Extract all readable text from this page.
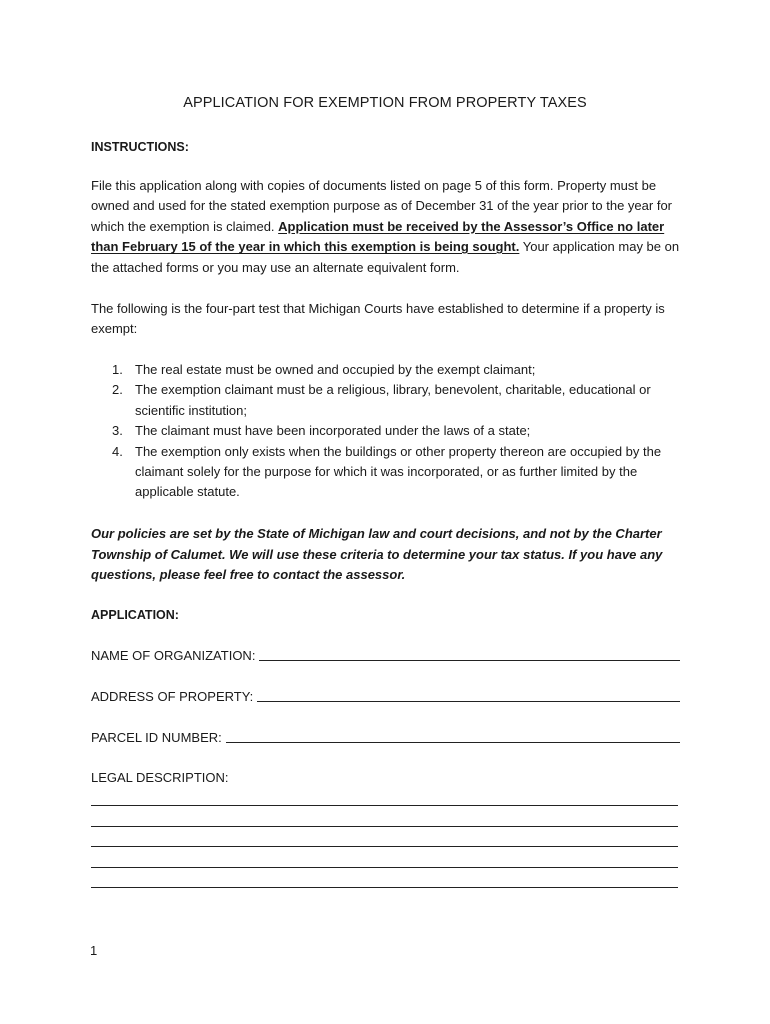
APPLICATION FOR EXEMPTION FROM PROPERTY TAXES
INSTRUCTIONS:
File this application along with copies of documents listed on page 5 of this form. Property must be owned and used for the stated exemption purpose as of December 31 of the year prior to the year for which the exemption is claimed. Application must be received by the Assessor’s Office no later than February 15 of the year in which this exemption is being sought. Your application may be on the attached forms or you may use an alternate equivalent form.
The following is the four-part test that Michigan Courts have established to determine if a property is exempt:
1. The real estate must be owned and occupied by the exempt claimant;
2. The exemption claimant must be a religious, library, benevolent, charitable, educational or scientific institution;
3. The claimant must have been incorporated under the laws of a state;
4. The exemption only exists when the buildings or other property thereon are occupied by the claimant solely for the purpose for which it was incorporated, or as further limited by the applicable statute.
Our policies are set by the State of Michigan law and court decisions, and not by the Charter Township of Calumet. We will use these criteria to determine your tax status. If you have any questions, please feel free to contact the assessor.
APPLICATION:
NAME OF ORGANIZATION:
ADDRESS OF PROPERTY:
PARCEL ID NUMBER:
LEGAL DESCRIPTION:
1
